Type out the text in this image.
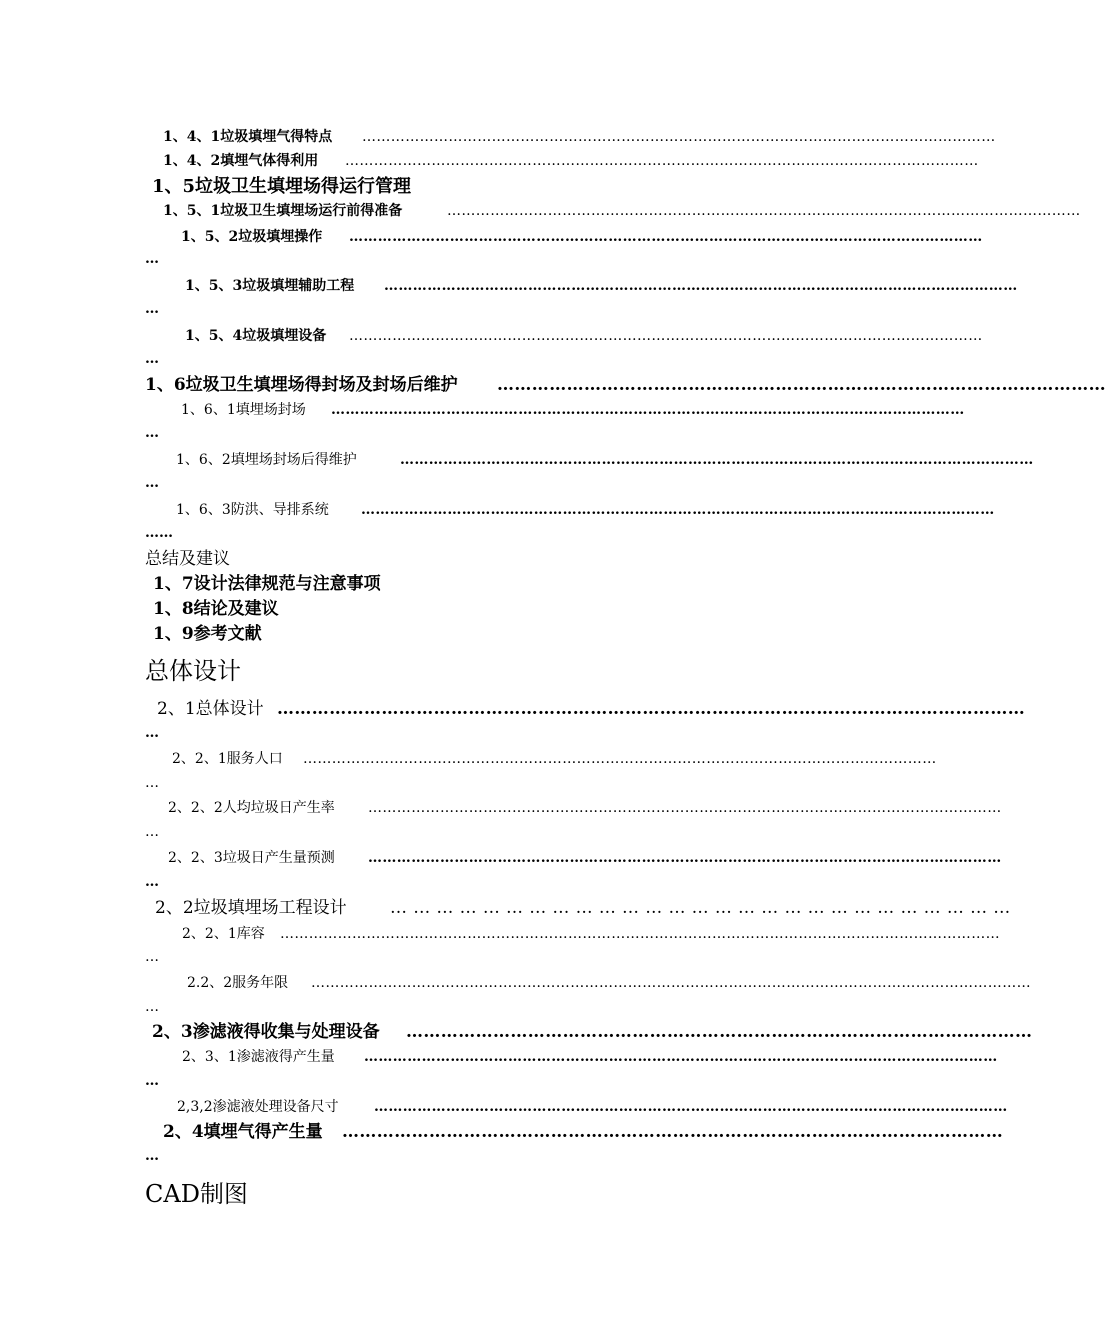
1、4、1垃圾填埋气得特点 ……………………………………………………………………………………………………………………
1、4、2填埋气体得利用 ……………………………………………………………………………………………………………………
1、5垃圾卫生填埋场得运行管理
1、5、1垃圾卫生填埋场运行前得准备	……………………………………………………………………………………………………………………
1、5、2垃圾填埋操作 ……………………………………………………………………………………………………………………
…
1、5、3垃圾填埋辅助工程 ……………………………………………………………………………………………………………………
…
1、5、4垃圾填埋设备 ……………………………………………………………………………………………………………………
…
1、6垃圾卫生填埋场得封场及封场后维护 ……………………………………………………………………………………………
1、6、1填埋场封场 ……………………………………………………………………………………………………………………
…
1、6、2填埋场封场后得维护	……………………………………………………………………………………………………………………
…
1、6、3防洪、导排系统 ……………………………………………………………………………………………………………………
……
总结及建议
1、7设计法律规范与注意事项
1、8结论及建议
1、9参考文献
总体设计
2、1总体设计 …………………………………………………………………………………………………………………
…
2、2、1服务人口 ……………………………………………………………………………………………………………………
…
2、2、2人均垃圾日产生率 ……………………………………………………………………………………………………………………
…
2、2、3垃圾日产生量预测 ……………………………………………………………………………………………………………………
…
2、2垃圾填埋场工程设计	… … … … … … … … … … … … … … … … … … … … … … … … … … …
2、2、1库容 ……………………………………………………………………………………………………………………………………
…
2.2、2服务年限 ……………………………………………………………………………………………………………………………………
…
2、3渗滤液得收集与处理设备 ………………………………………………………………………………………………
2、3、1渗滤液得产生量 ……………………………………………………………………………………………………………………
…
2,3,2渗滤液处理设备尺寸	……………………………………………………………………………………………………………………
2、4填埋气得产生量 ……………………………………………………………………………………………………
…
CAD制图
